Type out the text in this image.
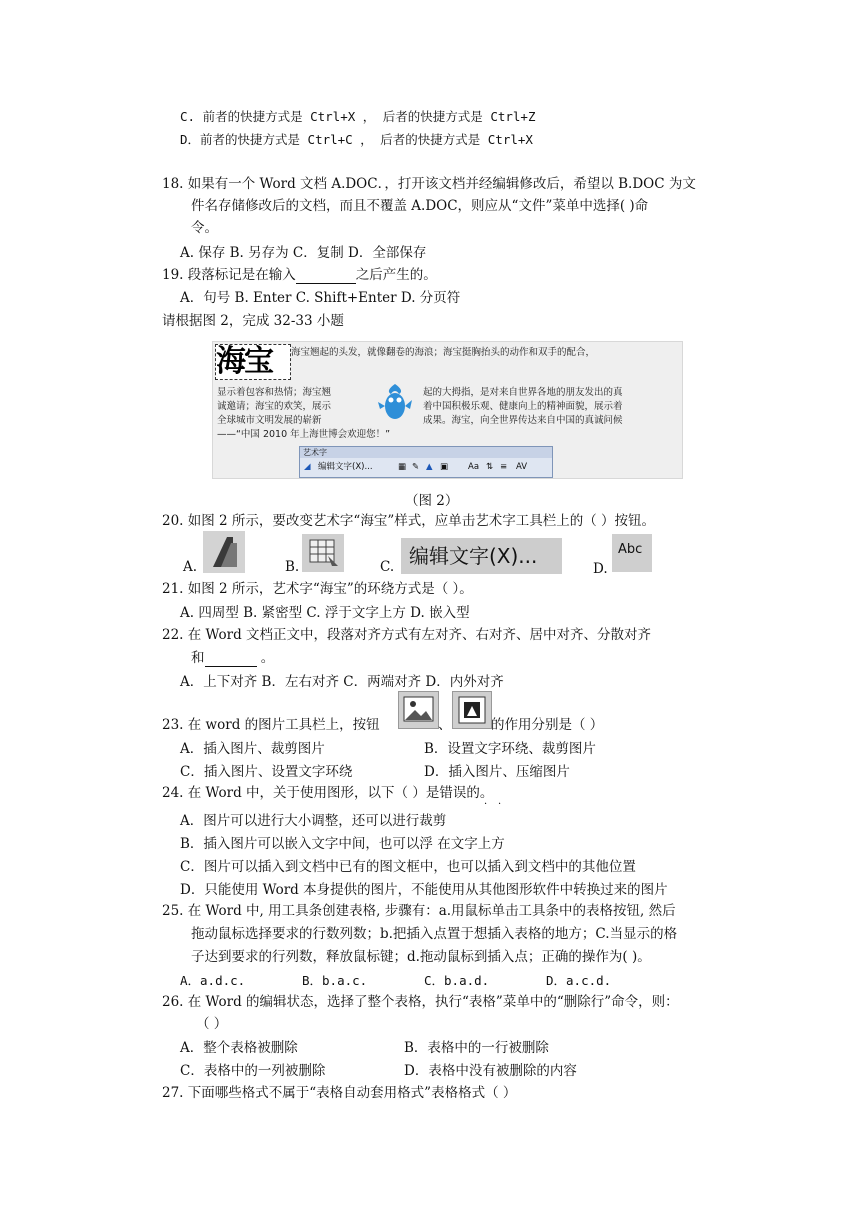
C. 前者的快捷方式是 Ctrl+X ， 后者的快捷方式是 Ctrl+Z
D．前者的快捷方式是 Ctrl+C ， 后者的快捷方式是 Ctrl+X
18. 如果有一个 Word 文档 A.DOC．，打开该文档并经编辑修改后，希望以 B.DOC 为文
件名存储修改后的文档，而且不覆盖 A.DOC，则应从“文件”菜单中选择( )命
令。
A. 保存 B. 另存为 C．复制 D．全部保存
19. 段落标记是在输入	之后产生的。
A．句号 B. Enter C. Shift+Enter D. 分页符
请根据图 2，完成 32-33 小题
海宝	海宝翘起的头发，就像翻卷的海浪；海宝挺胸抬头的动作和双手的配合，
显示着包容和热情；海宝翘	起的大拇指，是对来自世界各地的朋友发出的真
诚邀请；海宝的欢笑，展示	着中国积极乐观、健康向上的精神面貌，展示着
全球城市文明发展的崭新	成果。海宝，向全世界传达来自中国的真诚问候
——“中国 2010 年上海世博会欢迎您！”
艺术字
◢ 编辑文字(X)...	▦ ✎ ▲ ▣ Aa ⇅ ≡ AV
（图 2）
20. 如图 2 所示，要改变艺术字“海宝”样式，应单击艺术字工具栏上的（ ）按钮。
A.	B.	C. 编辑文字(X)...
D.
Abc
21. 如图 2 所示，艺术字“海宝”的环绕方式是（ ）。
A. 四周型 B. 紧密型 C. 浮于文字上方 D. 嵌入型
22. 在 Word 文档正文中，段落对齐方式有左对齐、右对齐、居中对齐、分散对齐
和	。
A．上下对齐 B．左右对齐 C．两端对齐 D．内外对齐
23. 在 word 的图片工具栏上，按钮	、	的作用分别是（ ）
A．插入图片、裁剪图片	B．设置文字环绕、裁剪图片
C．插入图片、设置文字环绕	D．插入图片、压缩图片
24. 在 Word 中，关于使用图形，以下（ ）是错误的。
· ·
A．图片可以进行大小调整，还可以进行裁剪
B．插入图片可以嵌入文字中间，也可以浮 在文字上方
C．图片可以插入到文档中已有的图文框中，也可以插入到文档中的其他位置
D．只能使用 Word 本身提供的图片，不能使用从其他图形软件中转换过来的图片
25. 在 Word 中, 用工具条创建表格, 步骤有：a.用鼠标单击工具条中的表格按钮, 然后
拖动鼠标选择要求的行数列数；b.把插入点置于想插入表格的地方；C.当显示的格
子达到要求的行列数，释放鼠标键；d.拖动鼠标到插入点；正确的操作为( )。
A．a.d.c.	B．b.a.c.	C．b.a.d.	D．a.c.d.
26. 在 Word 的编辑状态，选择了整个表格，执行“表格”菜单中的“删除行”命令，则：
（ ）
A．整个表格被删除	B．表格中的一行被删除
C．表格中的一列被删除	D．表格中没有被删除的内容
27. 下面哪些格式不属于“表格自动套用格式”表格格式（ ）
